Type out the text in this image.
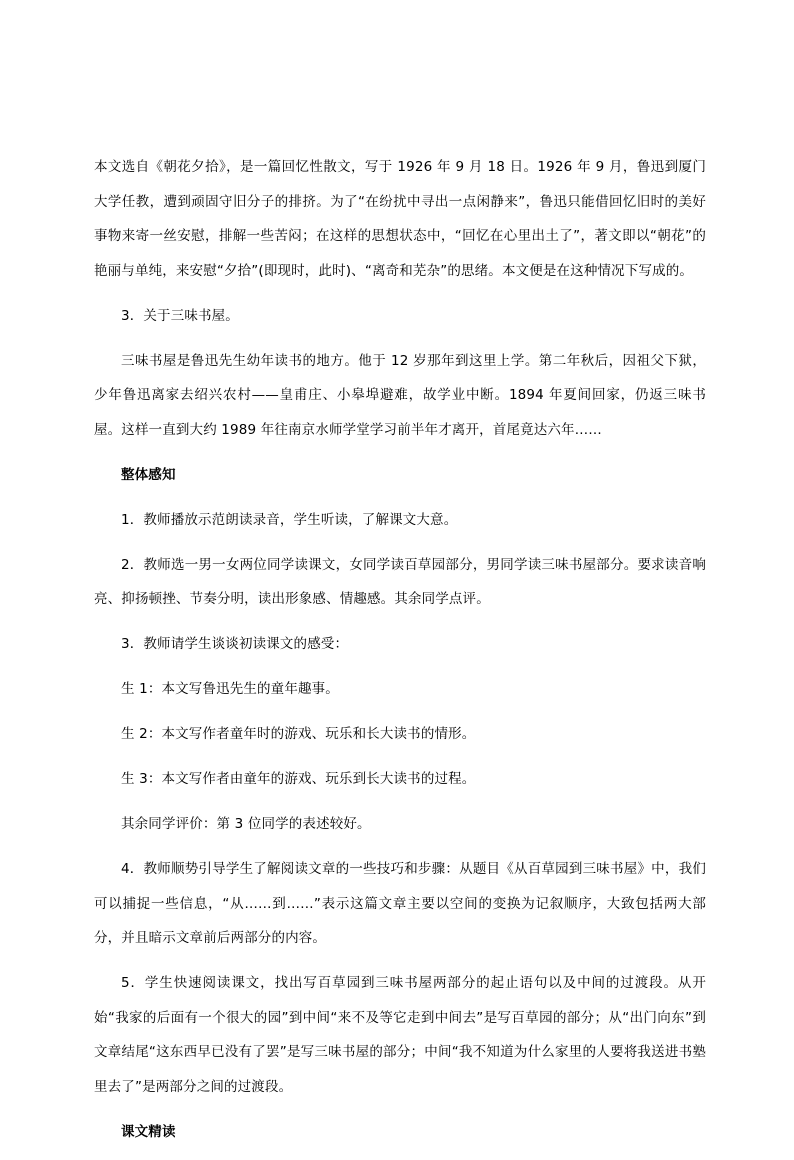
本文选自《朝花夕拾》，是一篇回忆性散文，写于 1926 年 9 月 18 日。1926 年 9 月，鲁迅到厦门大学任教，遭到顽固守旧分子的排挤。为了“在纷扰中寻出一点闲静来”，鲁迅只能借回忆旧时的美好事物来寄一丝安慰，排解一些苦闷；在这样的思想状态中，“回忆在心里出土了”，著文即以“朝花”的艳丽与单纯，来安慰“夕拾”(即现时，此时)、“离奇和芜杂”的思绪。本文便是在这种情况下写成的。

3．关于三味书屋。

三味书屋是鲁迅先生幼年读书的地方。他于 12 岁那年到这里上学。第二年秋后，因祖父下狱，少年鲁迅离家去绍兴农村——皇甫庄、小皋埠避难，故学业中断。1894 年夏间回家，仍返三味书屋。这样一直到大约 1989 年往南京水师学堂学习前半年才离开，首尾竟达六年……

整体感知

1．教师播放示范朗读录音，学生听读，了解课文大意。

2．教师选一男一女两位同学读课文，女同学读百草园部分，男同学读三味书屋部分。要求读音响亮、抑扬顿挫、节奏分明，读出形象感、情趣感。其余同学点评。

3．教师请学生谈谈初读课文的感受：

生 1：本文写鲁迅先生的童年趣事。

生 2：本文写作者童年时的游戏、玩乐和长大读书的情形。

生 3：本文写作者由童年的游戏、玩乐到长大读书的过程。

其余同学评价：第 3 位同学的表述较好。

4．教师顺势引导学生了解阅读文章的一些技巧和步骤：从题目《从百草园到三味书屋》中，我们可以捕捉一些信息，“从……到……”表示这篇文章主要以空间的变换为记叙顺序，大致包括两大部分，并且暗示文章前后两部分的内容。

5．学生快速阅读课文，找出写百草园到三味书屋两部分的起止语句以及中间的过渡段。从开始“我家的后面有一个很大的园”到中间“来不及等它走到中间去”是写百草园的部分；从“出门向东”到文章结尾“这东西早已没有了罢”是写三味书屋的部分；中间“我不知道为什么家里的人要将我送进书塾里去了”是两部分之间的过渡段。

课文精读
